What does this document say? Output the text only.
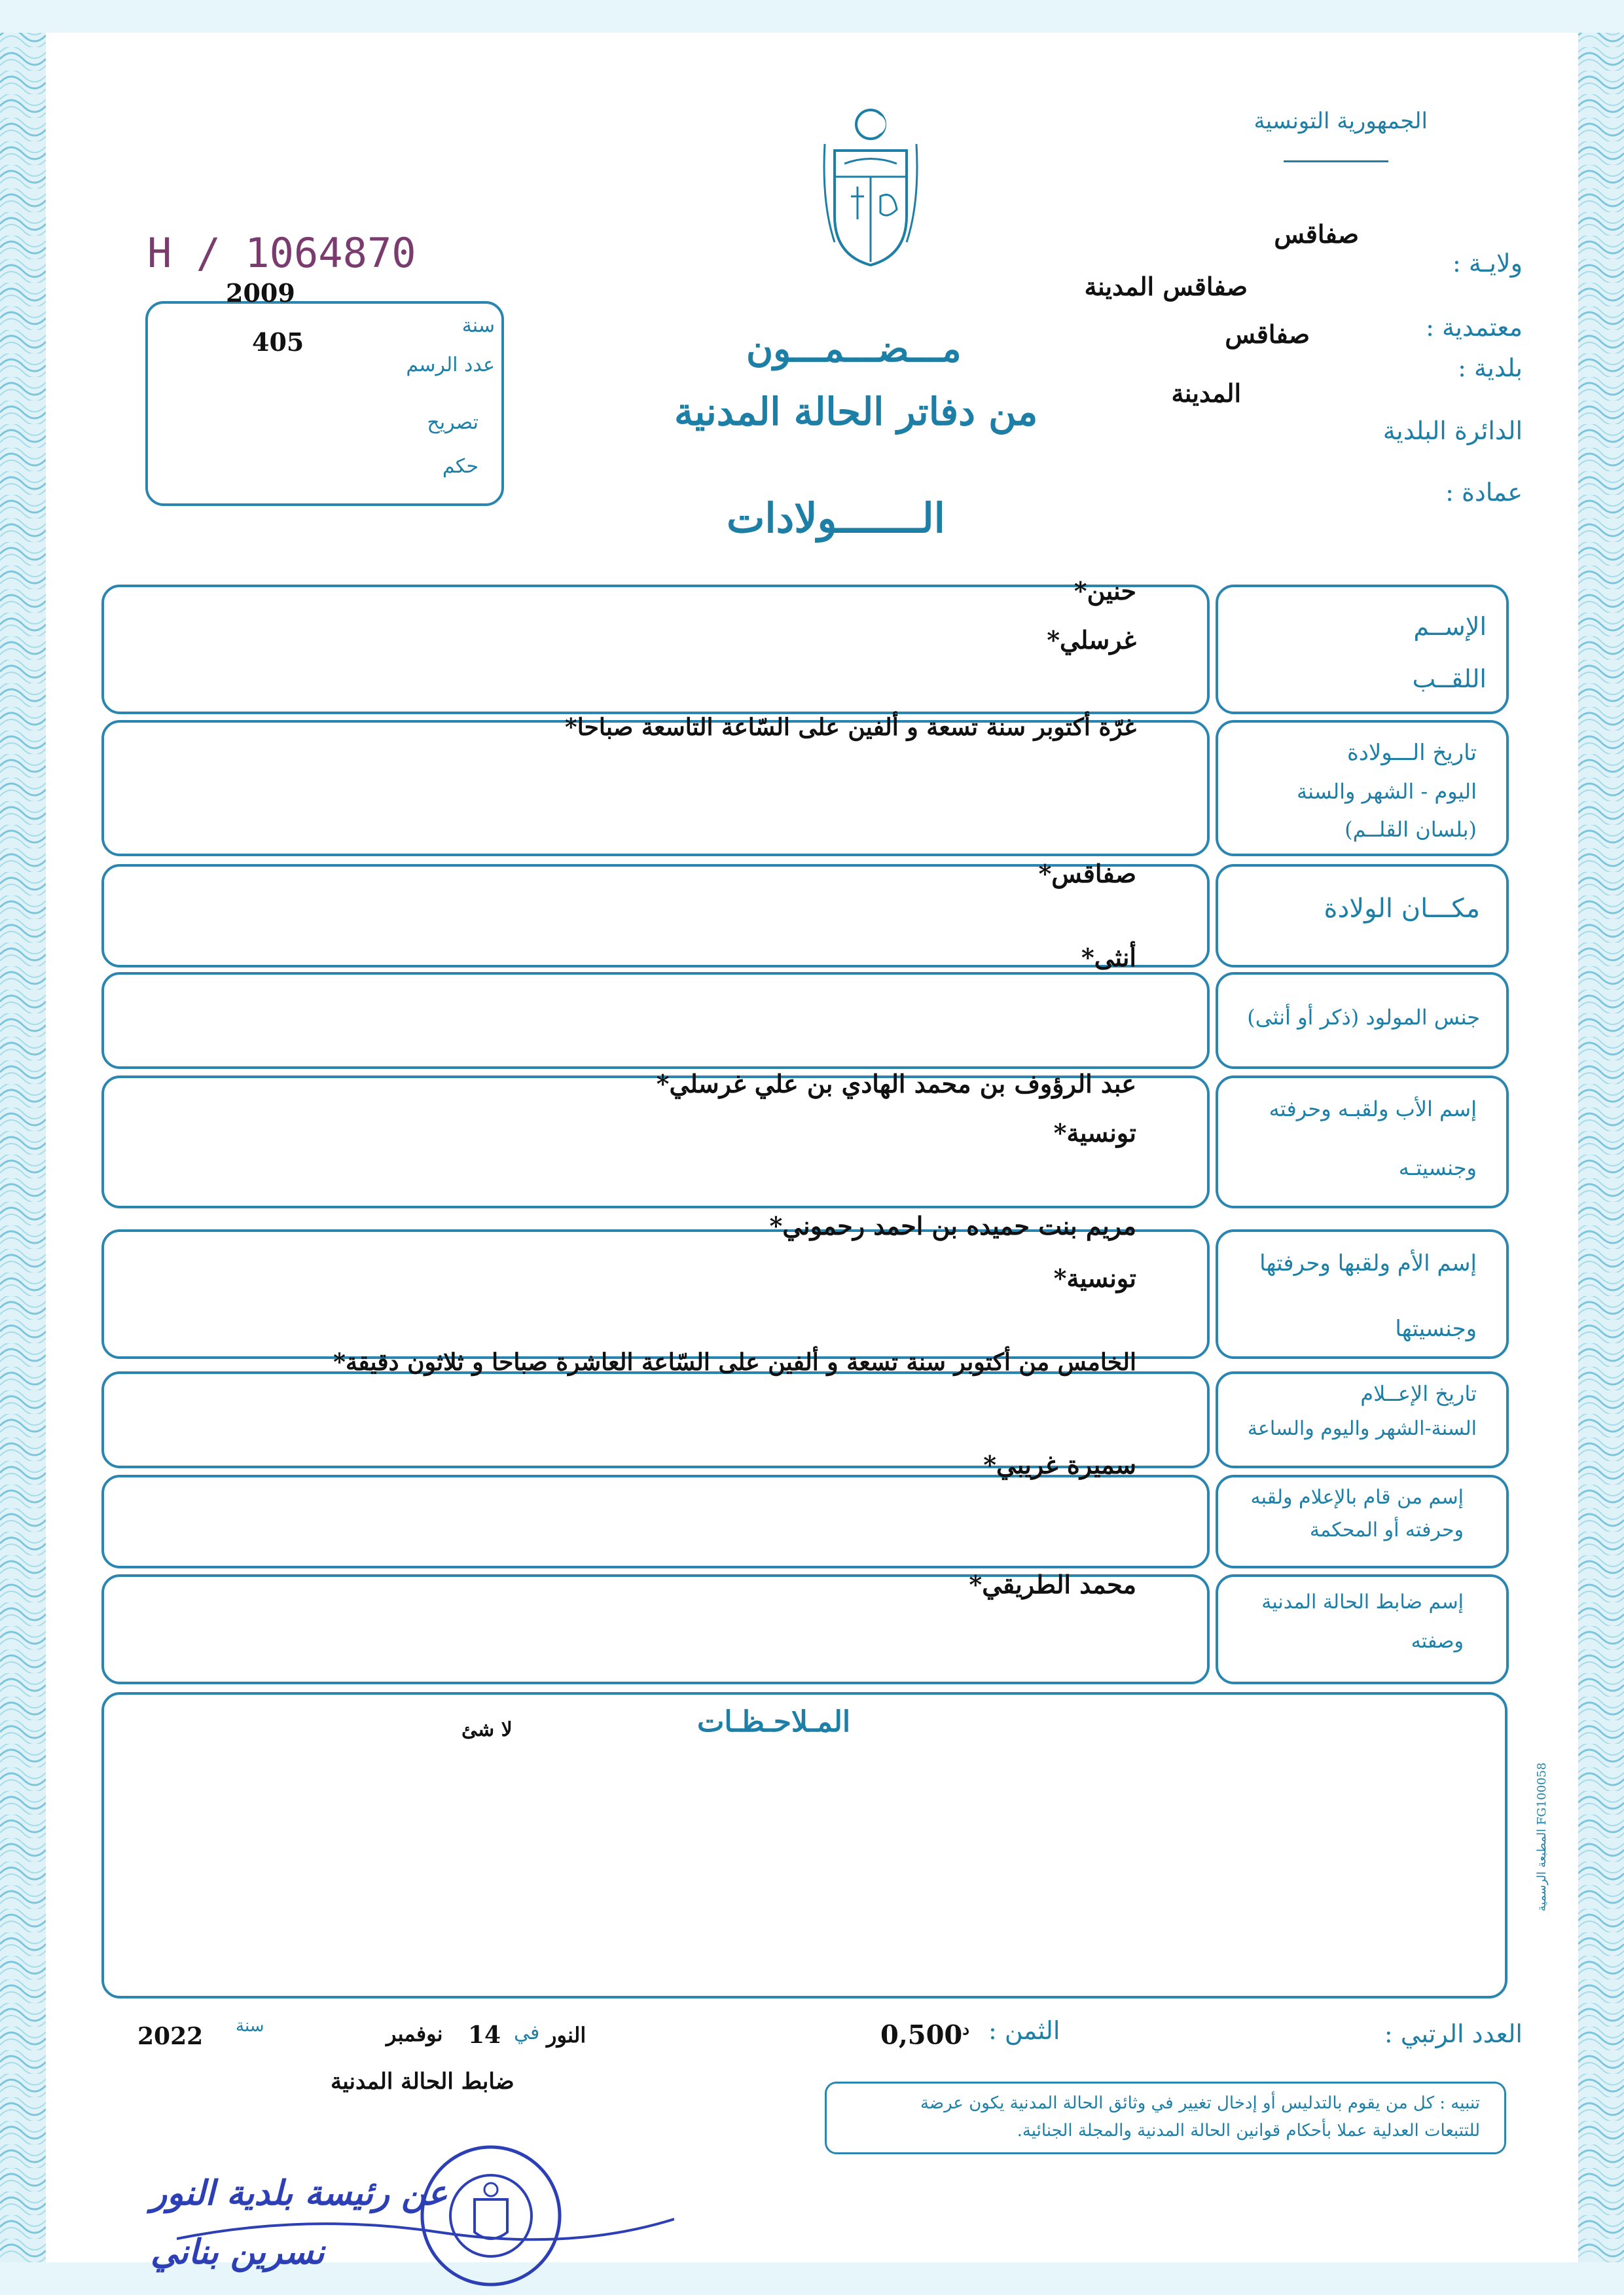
الجمهورية التونسية
H / 1064870
2009
405
سنة
عدد الرسم
تصريح
حكم
مـــضـــمـــون
من دفاتر الحالة المدنية
الـــــــولادات
ولايـة :
معتمدية :
بلدية :
الدائرة البلدية
عمادة :
صفاقس
صفاقس المدينة
صفاقس
المدينة
الإســم
اللقــب
حنين*
غرسلي*
تاريخ الـــولادة
اليوم - الشهر والسنة
(بلسان القلــم)
غرّة أكتوبر سنة تسعة و ألفين على السّاعة التاسعة صباحا*
مكـــان الولادة
صفاقس*
جنس المولود (ذكر أو أنثى)
أنثى*
إسم الأب ولقبـه وحرفته
وجنسيتـه
عبد الرؤوف بن محمد الهادي بن علي غرسلي*
تونسية*
إسم الأم ولقبها وحرفتها
وجنسيتها
مريم بنت حميده بن احمد رحموني*
تونسية*
تاريخ الإعــلام
السنة-الشهر واليوم والساعة
الخامس من أكتوبر سنة تسعة و ألفين على السّاعة العاشرة صباحا و ثلاثون دقيقة*
إسم من قام بالإعلام ولقبه
وحرفته أو المحكمة
سميرة غريبي*
إسم ضابط الحالة المدنية
وصفته
محمد الطريقي*
المـلاحـظـات
لا شئ
المطبعة الرسمية FG100058
العدد الرتبي :
الثمن :
$0,500^د$
2022 سنة	نوفمبر 14 في النور
ضابط الحالة المدنية
تنبيه : كل من يقوم بالتدليس أو إدخال تغيير في وثائق الحالة المدنية يكون عرضة
للتتبعات العدلية عملا بأحكام قوانين الحالة المدنية والمجلة الجنائية.
عن رئيسة بلدية النور
نسرين بناني
